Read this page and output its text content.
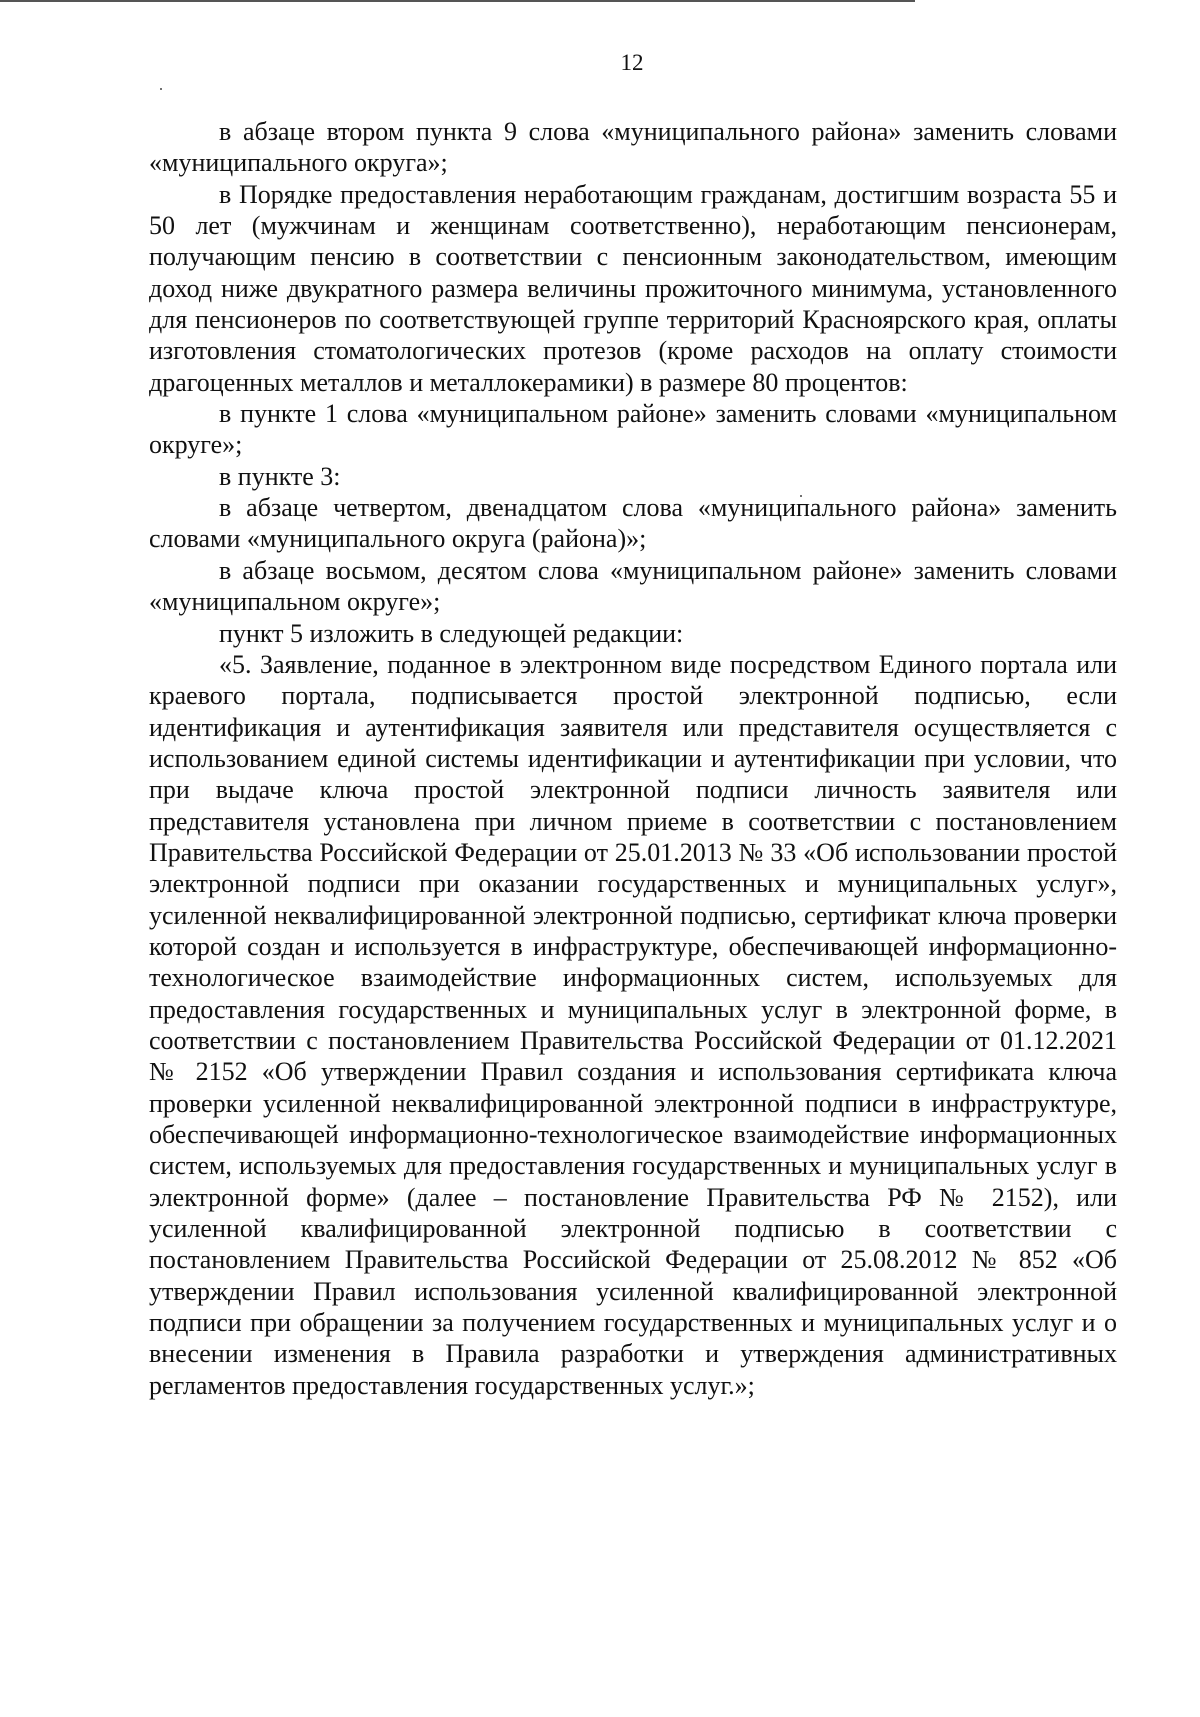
12

в абзаце втором пункта 9 слова «муниципального района» заменить словами «муниципального округа»;

в Порядке предоставления неработающим гражданам, достигшим возраста 55 и 50 лет (мужчинам и женщинам соответственно), неработающим пенсионерам, получающим пенсию в соответствии с пенсионным законодательством, имеющим доход ниже двукратного размера величины прожиточного минимума, установленного для пенсионеров по соответствующей группе территорий Красноярского края, оплаты изготовления стоматологических протезов (кроме расходов на оплату стоимости драгоценных металлов и металлокерамики) в размере 80 процентов:

в пункте 1 слова «муниципальном районе» заменить словами «муниципальном округе»;

в пункте 3:

в абзаце четвертом, двенадцатом слова «муниципального района» заменить словами «муниципального округа (района)»;

в абзаце восьмом, десятом слова «муниципальном районе» заменить словами «муниципальном округе»;

пункт 5 изложить в следующей редакции:

«5. Заявление, поданное в электронном виде посредством Единого портала или краевого портала, подписывается простой электронной подписью, если идентификация и аутентификация заявителя или представителя осуществляется с использованием единой системы идентификации и аутентификации при условии, что при выдаче ключа простой электронной подписи личность заявителя или представителя установлена при личном приеме в соответствии с постановлением Правительства Российской Федерации от 25.01.2013 № 33 «Об использовании простой электронной подписи при оказании государственных и муниципальных услуг», усиленной неквалифицированной электронной подписью, сертификат ключа проверки которой создан и используется в инфраструктуре, обеспечивающей информационно-технологическое взаимодействие информационных систем, используемых для предоставления государственных и муниципальных услуг в электронной форме, в соответствии с постановлением Правительства Российской Федерации от 01.12.2021 № 2152 «Об утверждении Правил создания и использования сертификата ключа проверки усиленной неквалифицированной электронной подписи в инфраструктуре, обеспечивающей информационно-технологическое взаимодействие информационных систем, используемых для предоставления государственных и муниципальных услуг в электронной форме» (далее – постановление Правительства РФ № 2152), или усиленной квалифицированной электронной подписью в соответствии с постановлением Правительства Российской Федерации от 25.08.2012 № 852 «Об утверждении Правил использования усиленной квалифицированной электронной подписи при обращении за получением государственных и муниципальных услуг и о внесении изменения в Правила разработки и утверждения административных регламентов предоставления государственных услуг.»;
